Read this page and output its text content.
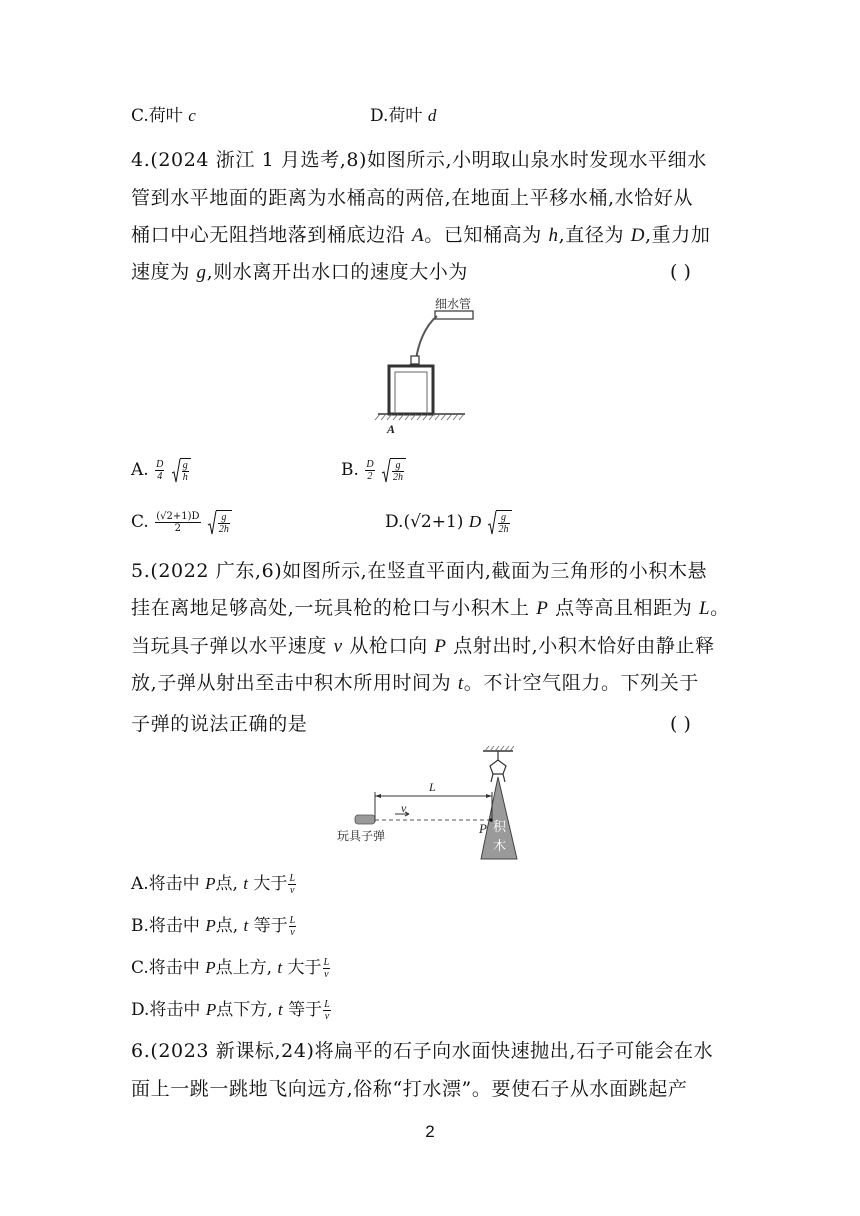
C.荷叶 c	D.荷叶 d
4.(2024 浙江 1 月选考,8)如图所示,小明取山泉水时发现水平细水
管到水平地面的距离为水桶高的两倍,在地面上平移水桶,水恰好从
桶口中心无阻挡地落到桶底边沿 A。已知桶高为 h,直径为 D,重力加
速度为 g,则水离开出水口的速度大小为	( )
细水管
A
A. $\frac{D}{4}$
$\frac{g}{h}$	B. $\frac{D}{2}$
$\frac{g}{2h}$
C. $\frac{(√2+1)D}{2}$
$\frac{g}{2h}$	D.(√2+1) D $\frac{g}{2h}$
5.(2022 广东,6)如图所示,在竖直平面内,截面为三角形的小积木悬
挂在离地足够高处,一玩具枪的枪口与小积木上 P 点等高且相距为 L。
当玩具子弹以水平速度 v 从枪口向 P 点射出时,小积木恰好由静止释
放,子弹从射出至击中积木所用时间为 t。不计空气阻力。下列关于
子弹的说法正确的是	( )
L
v
P
玩具子弹
积
木
A.将击中 P点, t 大于 $\frac{L}{v}$
B.将击中 P点, t 等于 $\frac{L}{v}$
C.将击中 P点上方, t 大于 $\frac{L}{v}$
D.将击中 P点下方, t 等于 $\frac{L}{v}$
6.(2023 新课标,24)将扁平的石子向水面快速抛出,石子可能会在水
面上一跳一跳地飞向远方,俗称“打水漂”。要使石子从水面跳起产
2
